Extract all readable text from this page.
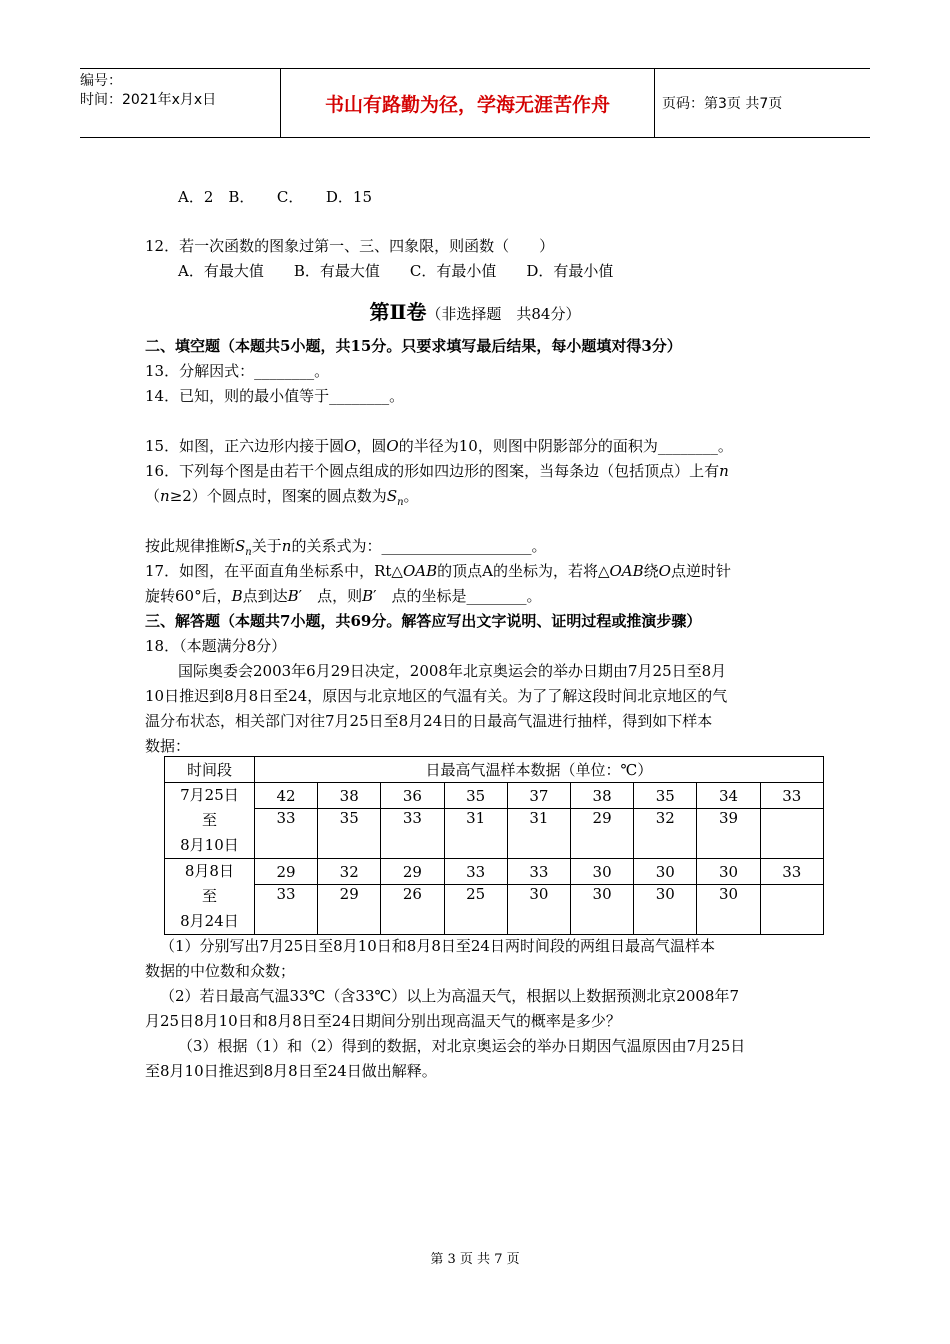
编号：
时间：2021年x月x日	书山有路勤为径，学海无涯苦作舟	页码：第3页 共7页
A．2　B．　　C．　　D．15
12．若一次函数的图象过第一、三、四象限，则函数（　　）
A．有最大值　　B．有最大值　　C．有最小值　　D．有最小值
第Ⅱ卷（非选择题　共84分）
二、填空题（本题共5小题，共15分。只要求填写最后结果，每小题填对得3分）
13．分解因式：________。
14．已知，则的最小值等于________。
15．如图，正六边形内接于圆O，圆O的半径为10，则图中阴影部分的面积为________。
16．下列每个图是由若干个圆点组成的形如四边形的图案，当每条边（包括顶点）上有n
（n≥2）个圆点时，图案的圆点数为$S_n$。
按此规律推断$S_n$关于n的关系式为：____________________。
17．如图，在平面直角坐标系中，Rt△OAB的顶点A的坐标为，若将△OAB绕O点逆时针
旋转60°后，B点到达B′　点，则B′　点的坐标是________。
三、解答题（本题共7小题，共69分。解答应写出文字说明、证明过程或推演步骤）
18．（本题满分8分）
国际奥委会2003年6月29日决定，2008年北京奥运会的举办日期由7月25日至8月
10日推迟到8月8日至24，原因与北京地区的气温有关。为了了解这段时间北京地区的气
温分布状态，相关部门对往7月25日至8月24日的日最高气温进行抽样，得到如下样本
数据：
时间段	日最高气温样本数据（单位：℃）								

7月25日
至
8月10日	42	38	36	35	37	38	35	34	33
	33	35	33	31	31	29	32	39	

8月8日
至
8月24日	29	32	29	33	33	30	30	30	33
	33	29	26	25	30	30	30	30	
（1）分别写出7月25日至8月10日和8月8日至24日两时间段的两组日最高气温样本
数据的中位数和众数；
（2）若日最高气温33℃（含33℃）以上为高温天气，根据以上数据预测北京2008年7
月25日8月10日和8月8日至24日期间分别出现高温天气的概率是多少？
（3）根据（1）和（2）得到的数据，对北京奥运会的举办日期因气温原因由7月25日
至8月10日推迟到8月8日至24日做出解释。
第 3 页 共 7 页
